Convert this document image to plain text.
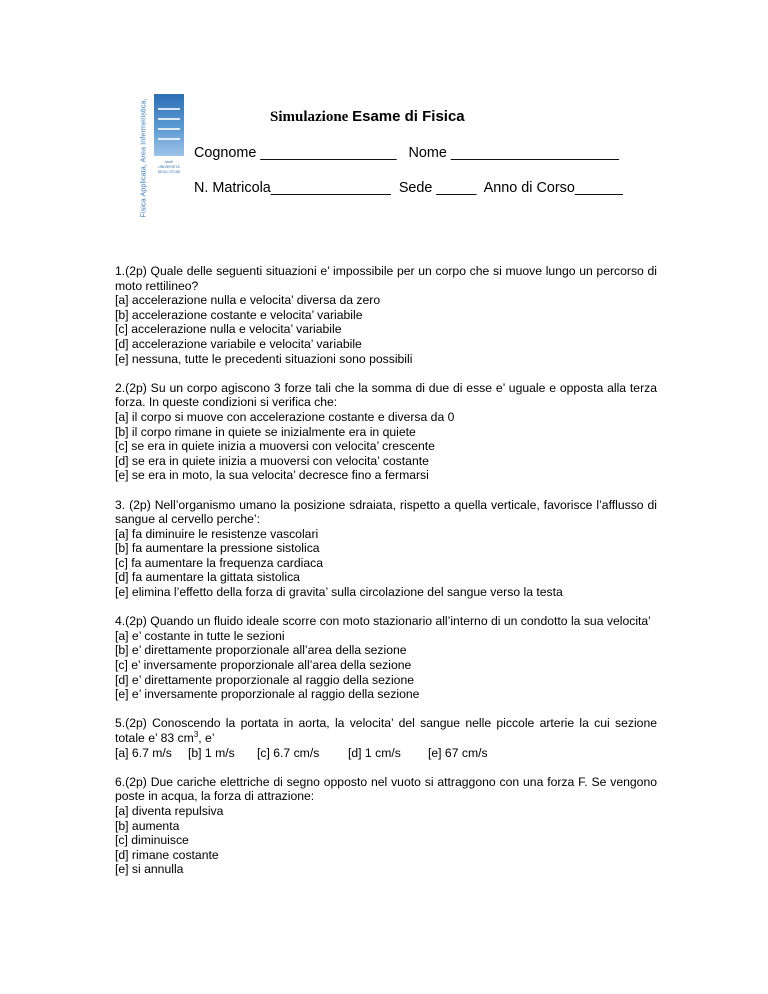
Fisica Applicata, Area Infermeristica,	studi UNIVERSITÀ DEGLI STUDI
Simulazione Esame di Fisica
Cognome _________________   Nome _____________________
N. Matricola_______________  Sede _____  Anno di Corso______
1.(2p) Quale delle seguenti situazioni e’ impossibile per un corpo che si muove lungo un percorso di moto rettilineo?
[a] accelerazione nulla e velocita’ diversa da zero
[b] accelerazione costante e velocita’ variabile
[c] accelerazione nulla e velocita’ variabile
[d] accelerazione variabile e velocita’ variabile
[e] nessuna, tutte le precedenti situazioni sono possibili
2.(2p) Su un corpo agiscono 3 forze tali che la somma di due di esse e’ uguale e opposta alla terza forza. In queste condizioni si verifica che:
[a] il corpo si muove con accelerazione costante e diversa da 0
[b] il corpo rimane in quiete se inizialmente era in quiete
[c] se era in quiete inizia a muoversi con velocita’ crescente
[d] se era in quiete inizia a muoversi con velocita’ costante
[e] se era in moto, la sua velocita’ decresce fino a fermarsi
3. (2p) Nell’organismo umano la posizione sdraiata, rispetto a quella verticale, favorisce l’afflusso di sangue al cervello perche’:
[a] fa diminuire le resistenze vascolari
[b] fa aumentare la pressione sistolica
[c] fa aumentare la frequenza cardiaca
[d] fa aumentare la gittata sistolica
[e] elimina l’effetto della forza di gravita’ sulla circolazione del sangue verso la testa
4.(2p) Quando un fluido ideale scorre con moto stazionario all’interno di un condotto la sua velocita’
[a] e’ costante in tutte le sezioni
[b] e’ direttamente proporzionale all’area della sezione
[c] e’ inversamente proporzionale all’area della sezione
[d] e’ direttamente proporzionale al raggio della sezione
[e] e’ inversamente proporzionale al raggio della sezione
5.(2p) Conoscendo la portata in aorta, la velocita’ del sangue nelle piccole arterie la cui sezione totale e’ 83 $cm^3$, e’
[a] 6.7 m/s [b] 1 m/s [c] 6.7 cm/s [d] 1 cm/s [e] 67 cm/s
6.(2p) Due cariche elettriche di segno opposto nel vuoto si attraggono con una forza F. Se vengono poste in acqua, la forza di attrazione:
[a] diventa repulsiva
[b] aumenta
[c] diminuisce
[d] rimane costante
[e] si annulla
